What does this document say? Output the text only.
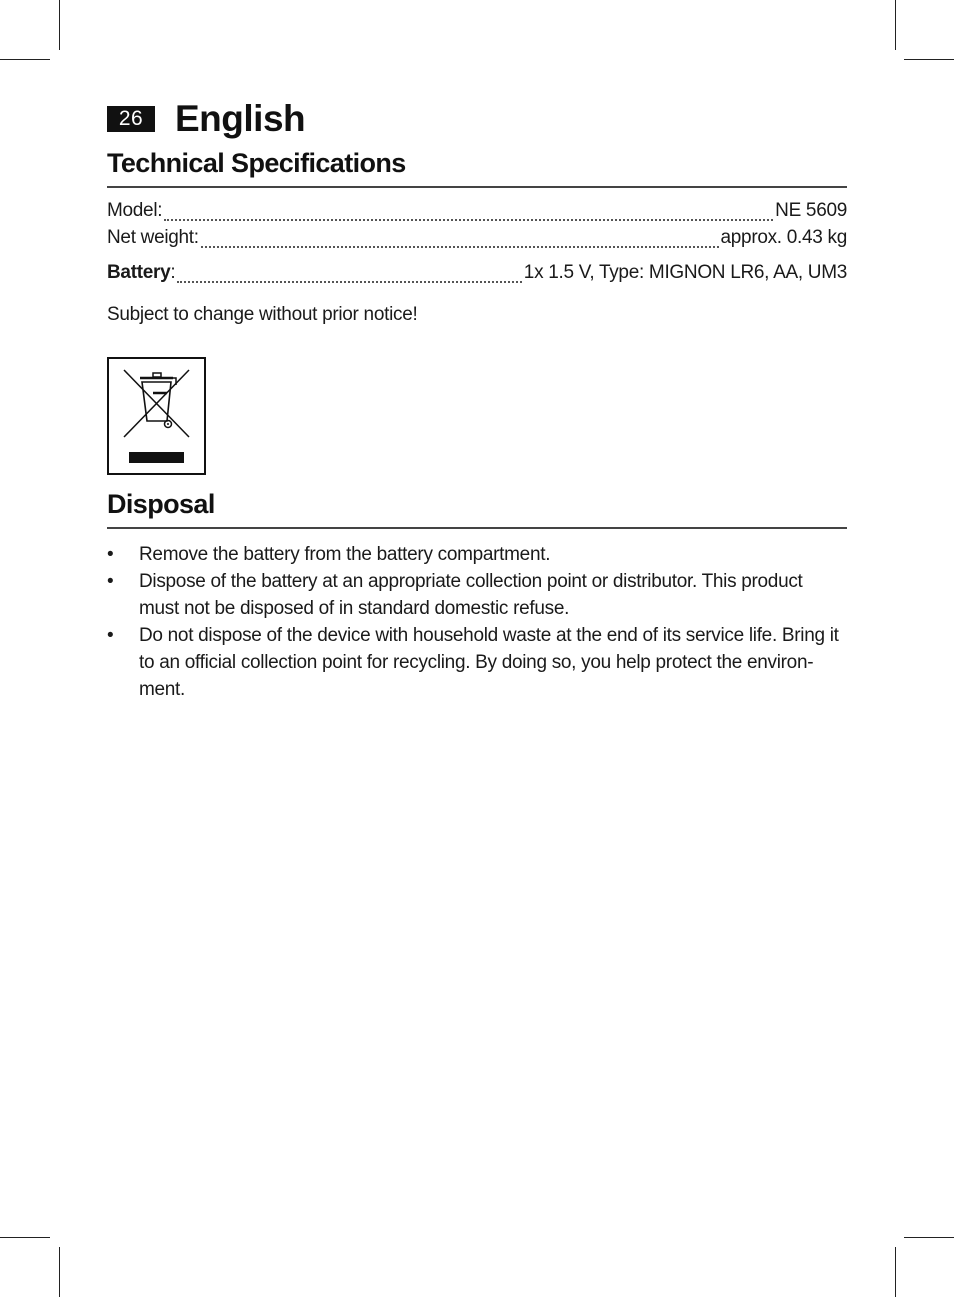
26 English
Technical Specifications
Model:	NE 5609
Net weight:	approx. 0.43 kg
Battery:	1x 1.5 V, Type: MIGNON LR6, AA, UM3
Subject to change without prior notice!
Disposal
• Remove the battery from the battery compartment.
• Dispose of the battery at an appropriate collection point or distributor. This product must not be disposed of in standard domestic refuse.
• Do not dispose of the device with household waste at the end of its service life. Bring it to an official collection point for recycling. By doing so, you help protect the environ-ment.
